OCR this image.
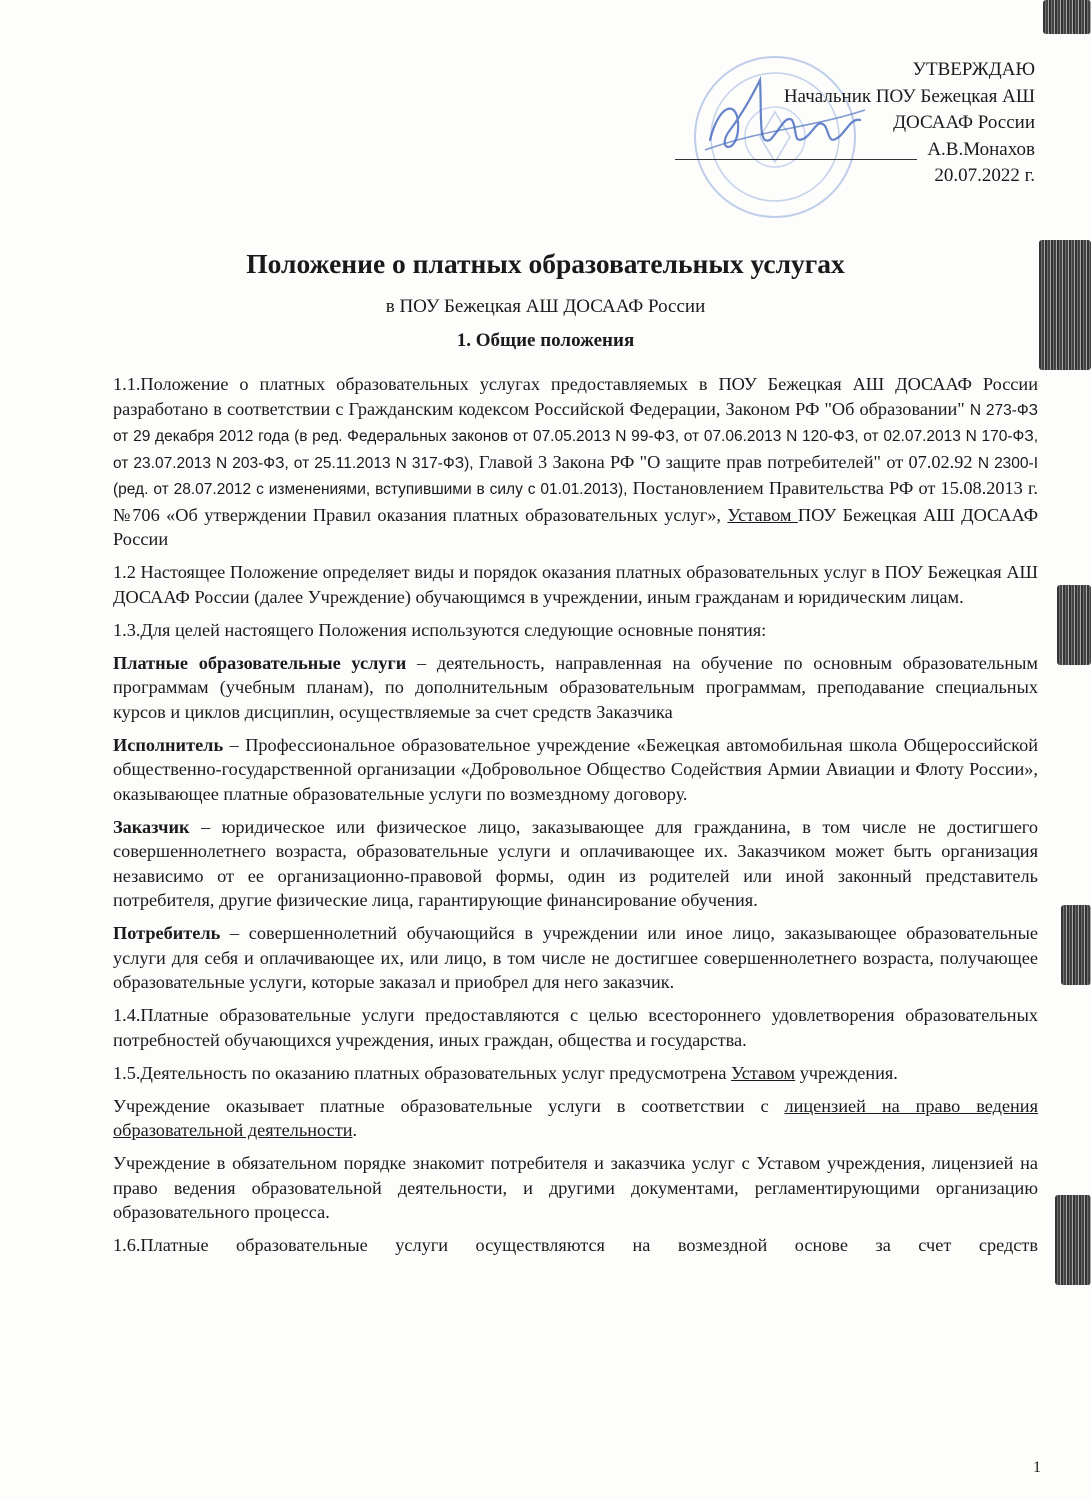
УТВЕРЖДАЮ
Начальник ПОУ Бежецкая АШ
ДОСААФ России
А.В.Монахов
20.07.2022 г.
Положение о платных образовательных услугах
в ПОУ Бежецкая АШ ДОСААФ России
1. Общие положения

1.1.Положение о платных образовательных услугах предоставляемых в ПОУ Бежецкая АШ ДОСААФ России разработано в соответствии с Гражданским кодексом Российской Федерации, Законом РФ "Об образовании" N 273-ФЗ от 29 декабря 2012 года (в ред. Федеральных законов от 07.05.2013 N 99-ФЗ, от 07.06.2013 N 120-ФЗ, от 02.07.2013 N 170-ФЗ, от 23.07.2013 N 203-ФЗ, от 25.11.2013 N 317-ФЗ), Главой 3 Закона РФ "О защите прав потребителей" от 07.02.92 N 2300-I (ред. от 28.07.2012 с изменениями, вступившими в силу с 01.01.2013), Постановлением Правительства РФ от 15.08.2013 г. №706 «Об утверждении Правил оказания платных образовательных услуг», Уставом ПОУ Бежецкая АШ ДОСААФ России

1.2 Настоящее Положение определяет виды и порядок оказания платных образовательных услуг в ПОУ Бежецкая АШ ДОСААФ России (далее Учреждение) обучающимся в учреждении, иным гражданам и юридическим лицам.

1.3.Для целей настоящего Положения используются следующие основные понятия:

Платные образовательные услуги – деятельность, направленная на обучение по основным образовательным программам (учебным планам), по дополнительным образовательным программам, преподавание специальных курсов и циклов дисциплин, осуществляемые за счет средств Заказчика

Исполнитель – Профессиональное образовательное учреждение «Бежецкая автомобильная школа Общероссийской общественно-государственной организации «Добровольное Общество Содействия Армии Авиации и Флоту России», оказывающее платные образовательные услуги по возмездному договору.

Заказчик – юридическое или физическое лицо, заказывающее для гражданина, в том числе не достигшего совершеннолетнего возраста, образовательные услуги и оплачивающее их. Заказчиком может быть организация независимо от ее организационно-правовой формы, один из родителей или иной законный представитель потребителя, другие физические лица, гарантирующие финансирование обучения.

Потребитель – совершеннолетний обучающийся в учреждении или иное лицо, заказывающее образовательные услуги для себя и оплачивающее их, или лицо, в том числе не достигшее совершеннолетнего возраста, получающее образовательные услуги, которые заказал и приобрел для него заказчик.

1.4.Платные образовательные услуги предоставляются с целью всестороннего удовлетворения образовательных потребностей обучающихся учреждения, иных граждан, общества и государства.

1.5.Деятельность по оказанию платных образовательных услуг предусмотрена Уставом учреждения.

Учреждение оказывает платные образовательные услуги в соответствии с лицензией на право ведения образовательной деятельности.

Учреждение в обязательном порядке знакомит потребителя и заказчика услуг с Уставом учреждения, лицензией на право ведения образовательной деятельности, и другими документами, регламентирующими организацию образовательного процесса.

1.6.Платные образовательные услуги осуществляются на возмездной основе за счет средств

1
